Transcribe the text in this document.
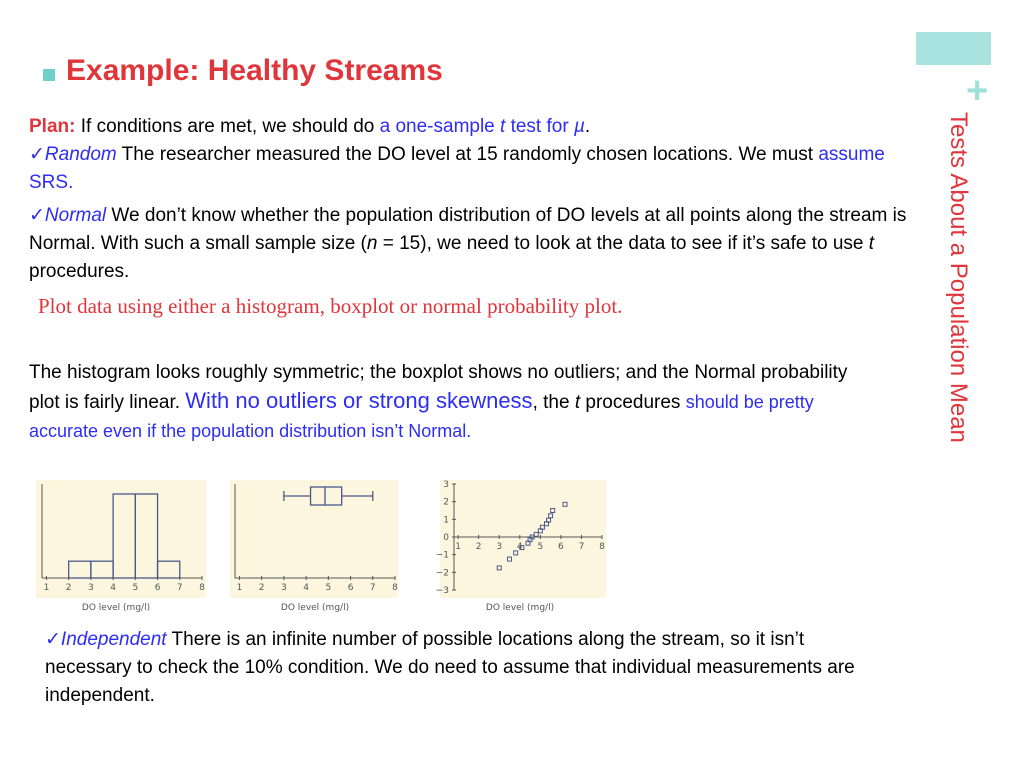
+
Tests About a Population Mean
Example: Healthy Streams
Plan: If conditions are met, we should do a one-sample t test for µ.
✓Random The researcher measured the DO level at 15 randomly chosen locations. We must assume SRS.
✓Normal We don’t know whether the population distribution of DO levels at all points along the stream is Normal. With such a small sample size (n = 15), we need to look at the data to see if it’s safe to use t procedures.
Plot data using either a histogram, boxplot or normal probability plot.
The histogram looks roughly symmetric; the boxplot shows no outliers; and the Normal probability plot is fairly linear. With no outliers or strong skewness, the t procedures should be pretty accurate even if the population distribution isn’t Normal.
1 2 3 4 5 6 7 8
DO level (mg/l)
1 2 3 4 5 6 7 8
DO level (mg/l)
1 2 3 4 5 6 7 8
3
2
1
0
−1
−2
−3
DO level (mg/l)
✓Independent There is an infinite number of possible locations along the stream, so it isn’t necessary to check the 10% condition. We do need to assume that individual measurements are independent.
